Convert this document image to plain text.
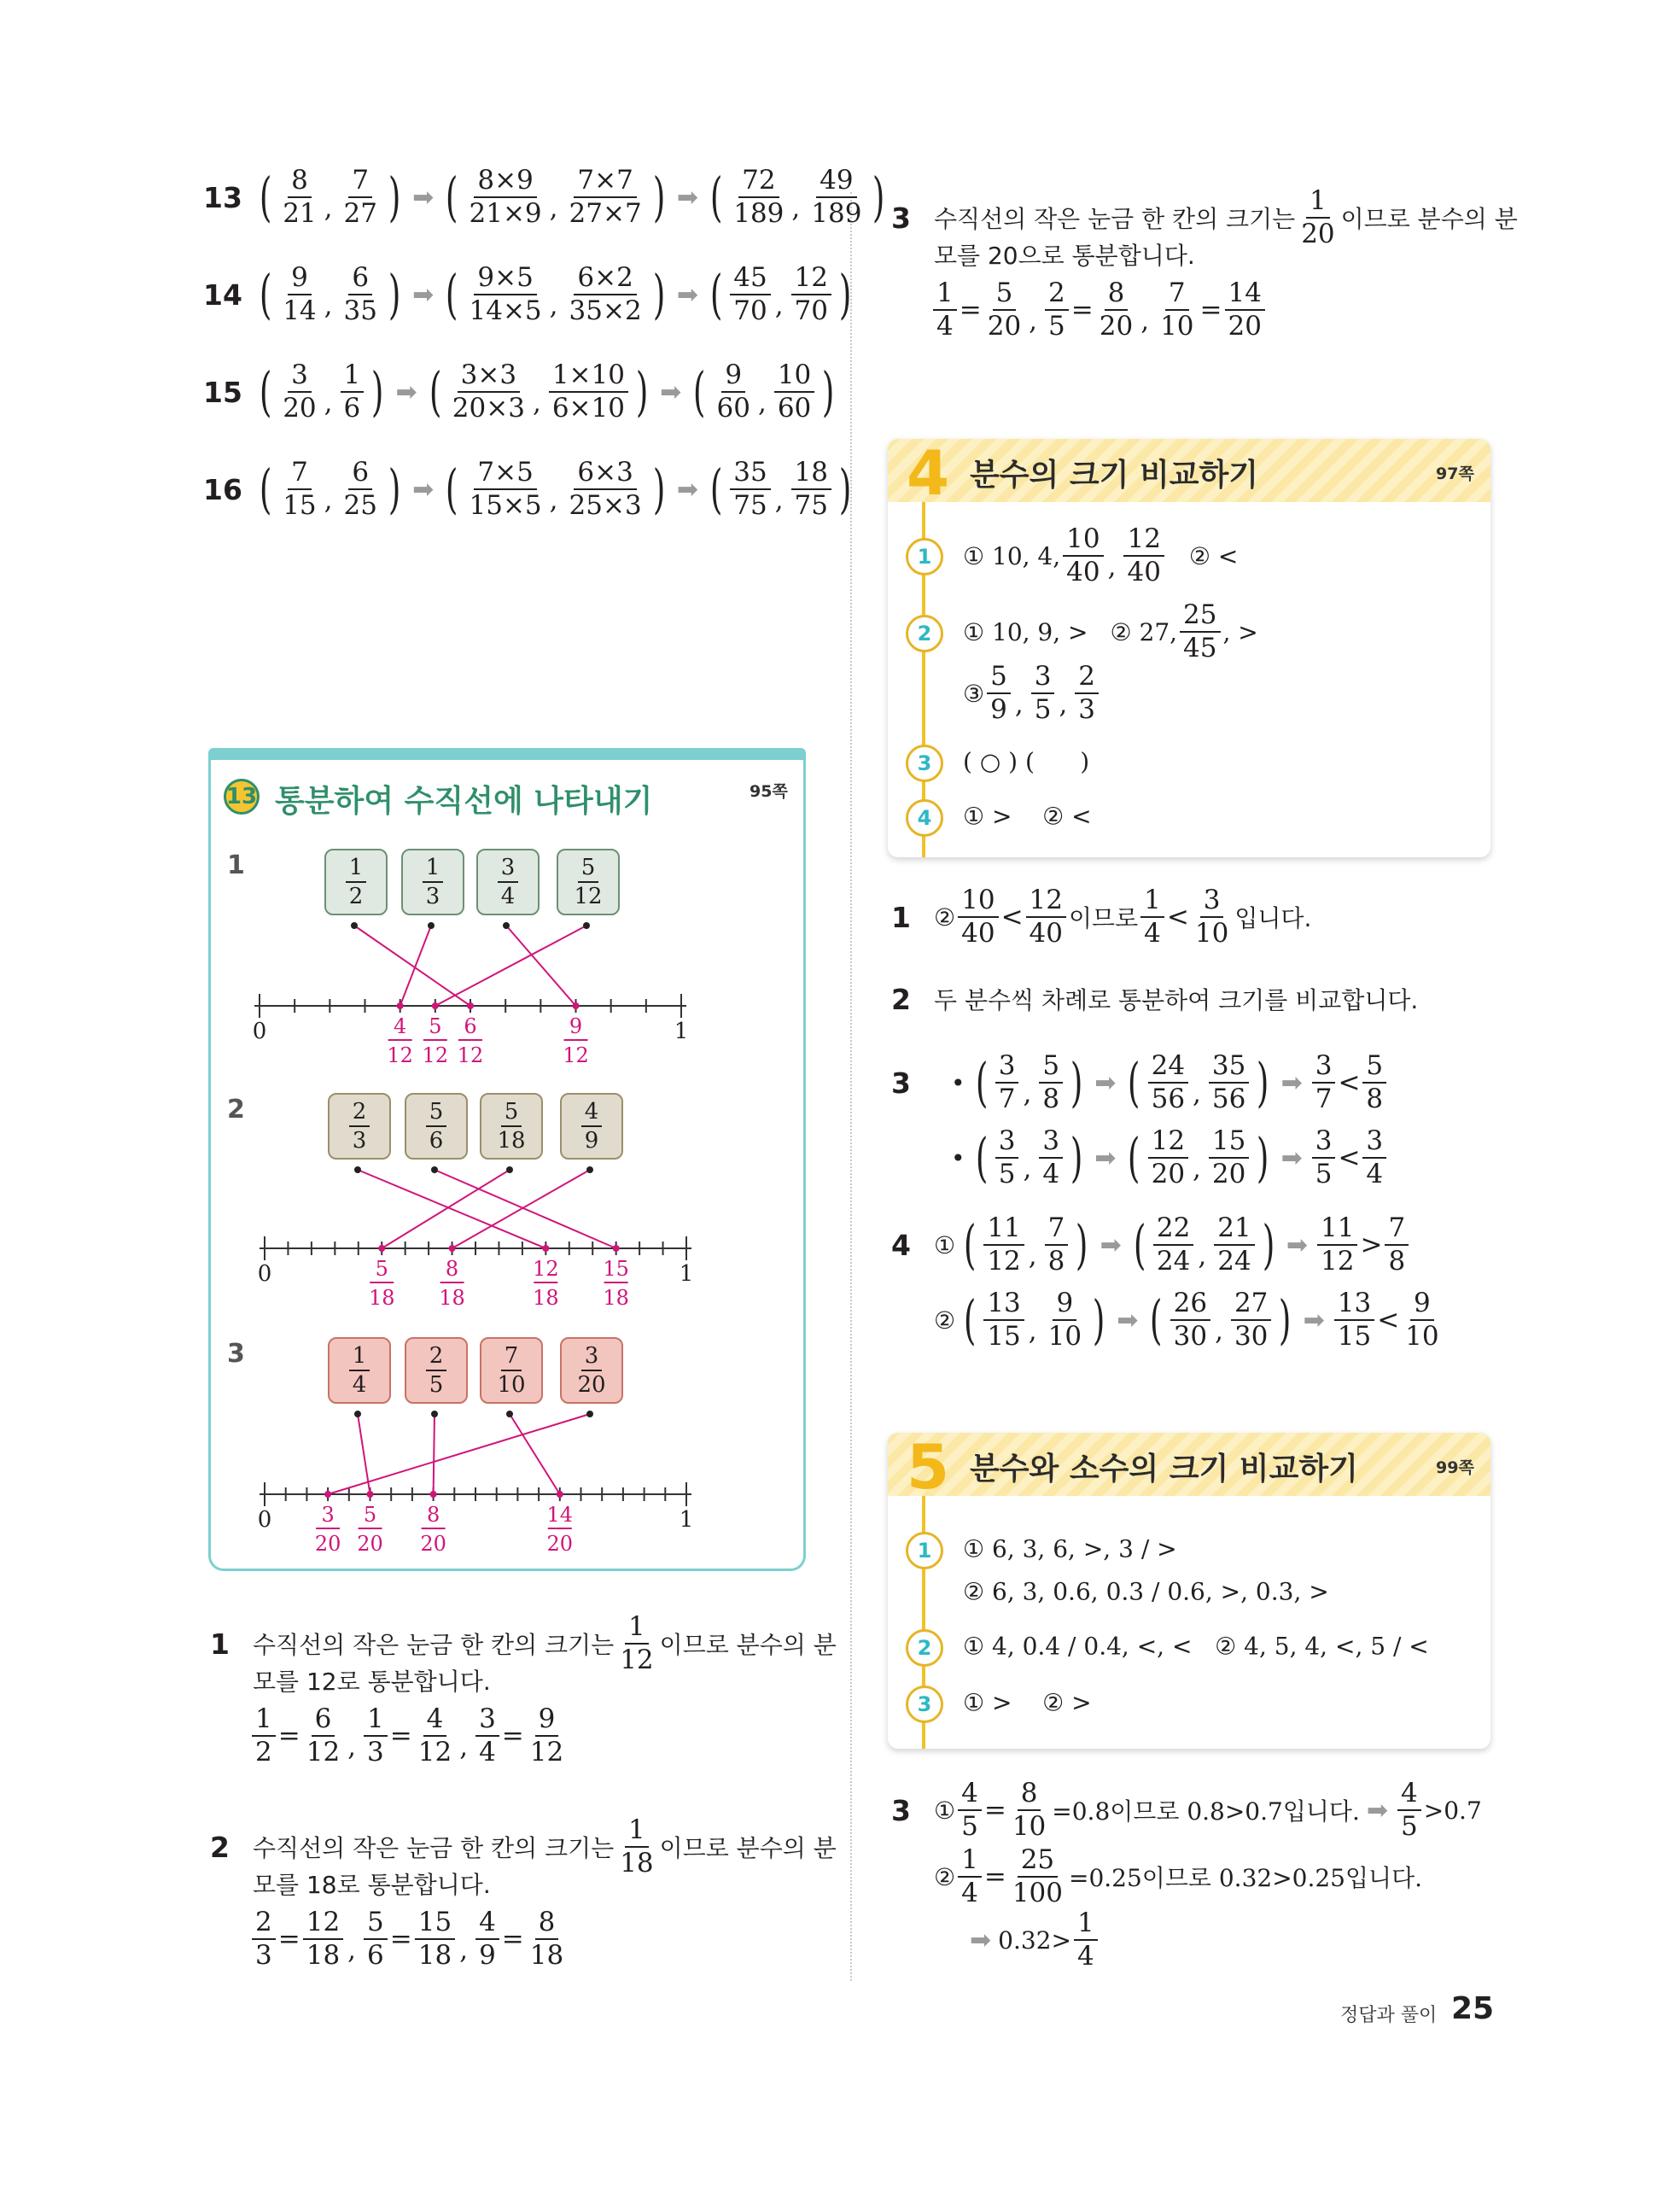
13 통분하여 수직선에 나타내기	95쪽
0	1
4
12
5
12
6
12
9
12
0	1
5
18
8
18
12
18
15
18
0	1
3
20
5
20
8
20
14
20
4 분수의 크기 비교하기	97쪽
5 분수와 소수의 크기 비교하기	99쪽
정답과 풀이 25
13 ( $\frac{8}{21}$ , $\frac{7}{27}$ ) ➡ ( $\frac{8\times 9}{21\times 9}$ , $\frac{7\times 7}{27\times 7}$ ) ➡ ( $\frac{72}{189}$ , $\frac{49}{189}$ )
14 ( $\frac{9}{14}$ , $\frac{6}{35}$ ) ➡ ( $\frac{9\times 5}{14\times 5}$ , $\frac{6\times 2}{35\times 2}$ ) ➡ ( $\frac{45}{70}$ , $\frac{12}{70}$ )
15 ( $\frac{3}{20}$ , $\frac{1}{6}$ ) ➡ ( $\frac{3\times 3}{20\times 3}$ , $\frac{1\times 10}{6\times 10}$ ) ➡ ( $\frac{9}{60}$ , $\frac{10}{60}$ )
16 ( $\frac{7}{15}$ , $\frac{6}{25}$ ) ➡ ( $\frac{7\times 5}{15\times 5}$ , $\frac{6\times 3}{25\times 3}$ ) ➡ ( $\frac{35}{75}$ , $\frac{18}{75}$ )
1	$\frac{1}{2}$	$\frac{1}{3} \frac{3}{4} \frac{5}{12}$
2	$\frac{2}{3}$	$\frac{5}{6} \frac{5}{18} \frac{4}{9}$
3	$\frac{1}{4}$	$\frac{2}{5} \frac{7}{10} \frac{3}{20}$
1 수직선의 작은 눈금 한 칸의 크기는 $\frac{1}{12}$ 이므로 분수의 분
모를 12로 통분합니다.
$\frac{1}{2} = \frac{6}{12}$ , $\frac{1}{3} = \frac{4}{12}$ , $\frac{3}{4} = \frac{9}{12}$
2 수직선의 작은 눈금 한 칸의 크기는 $\frac{1}{18}$ 이므로 분수의 분
모를 18로 통분합니다.
$\frac{2}{3} = \frac{12}{18}$ , $\frac{5}{6} = \frac{15}{18}$ , $\frac{4}{9} = \frac{8}{18}$
3 수직선의 작은 눈금 한 칸의 크기는 $\frac{1}{20}$ 이므로 분수의 분
모를 20으로 통분합니다.
$\frac{1}{4} = \frac{5}{20}$ , $\frac{2}{5} = \frac{8}{20}$ , $\frac{7}{10} = \frac{14}{20}$
1	① 10, 4, $\frac{10}{40}$ , $\frac{12}{40}$ ② <
2	① 10, 9, > ② 27, $\frac{25}{45}$ , >
③ $\frac{5}{9}$ , $\frac{3}{5}$ , $\frac{2}{3}$
3	( ○ ) (      )
4	① >    ② <
1 ② $\frac{10}{40} < \frac{12}{40}$ 이므로 $\frac{1}{4} < \frac{3}{10}$ 입니다.
2 두 분수씩 차례로 통분하여 크기를 비교합니다.
3	• ( $\frac{3}{7}$ , $\frac{5}{8}$ ) ➡ ( $\frac{24}{56}$ , $\frac{35}{56}$ ) ➡ $\frac{3}{7} < \frac{5}{8}$
• ( $\frac{3}{5}$ , $\frac{3}{4}$ ) ➡ ( $\frac{12}{20}$ , $\frac{15}{20}$ ) ➡ $\frac{3}{5} < \frac{3}{4}$
4 ① ( $\frac{11}{12}$ , $\frac{7}{8}$ ) ➡ ( $\frac{22}{24}$ , $\frac{21}{24}$ ) ➡ $\frac{11}{12} > \frac{7}{8}$
② ( $\frac{13}{15}$ , $\frac{9}{10}$ ) ➡ ( $\frac{26}{30}$ , $\frac{27}{30}$ ) ➡ $\frac{13}{15} < \frac{9}{10}$
1	① 6, 3, 6, >, 3 / >
② 6, 3, 0.6, 0.3 / 0.6, >, 0.3, >
2	① 4, 0.4 / 0.4, <, <   ② 4, 5, 4, <, 5 / <
3	① >    ② >
3 ① $\frac{4}{5} = \frac{8}{10} =0.8$이므로 0.8>0.7입니다. ➡ $\frac{4}{5} >0.7$
② $\frac{1}{4} = \frac{25}{100} =0.25$이므로 0.32>0.25입니다.
➡ $0.32> \frac{1}{4}$
